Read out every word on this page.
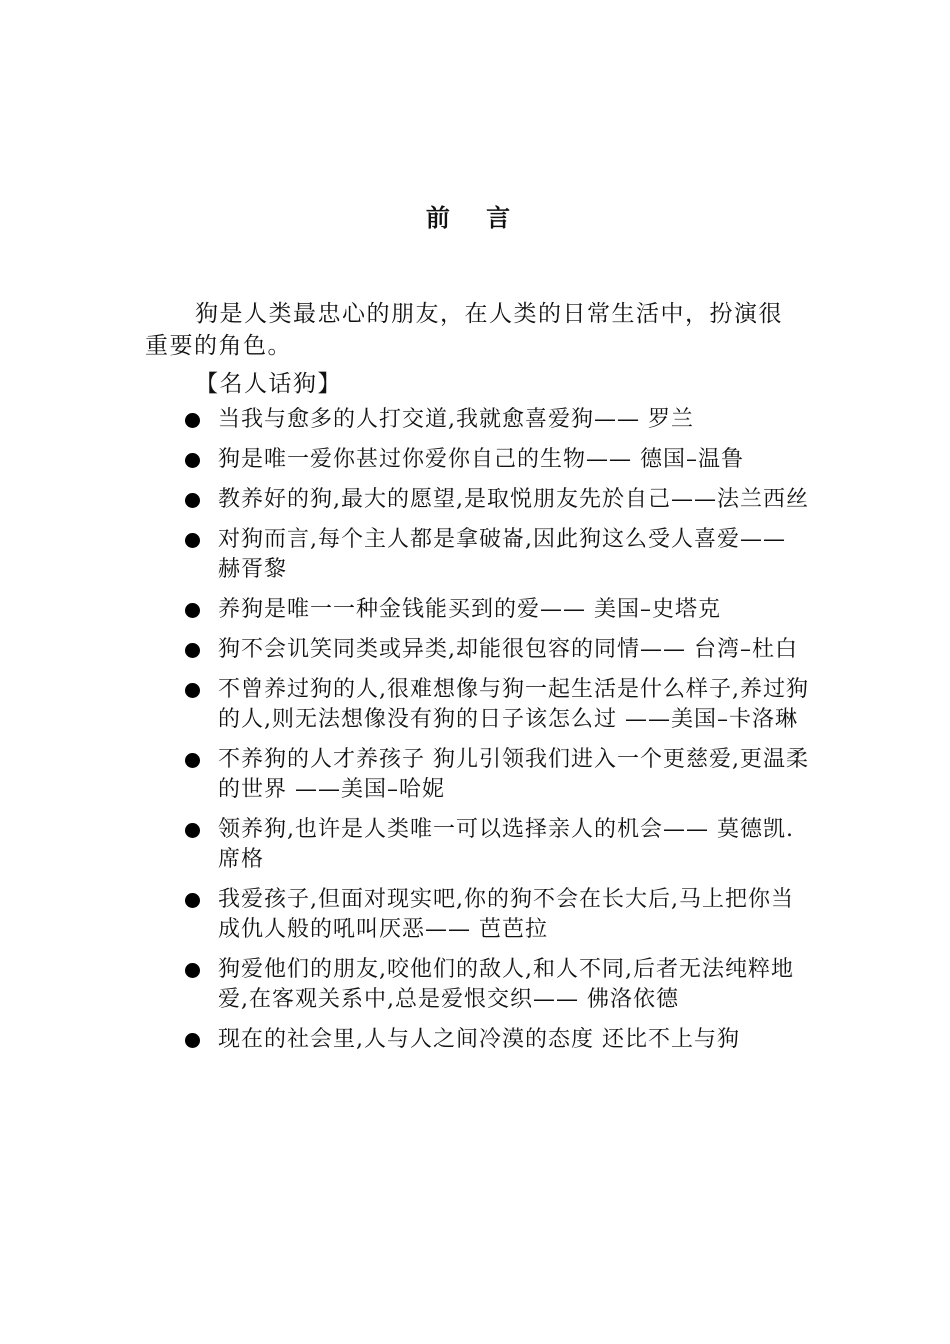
前 言

狗是人类最忠心的朋友，在人类的日常生活中，扮演很重要的角色。

【名人话狗】
当我与愈多的人打交道,我就愈喜爱狗—— 罗兰
狗是唯一爱你甚过你爱你自己的生物—— 德国–温鲁
教养好的狗,最大的愿望,是取悦朋友先於自己——法兰西丝
对狗而言,每个主人都是拿破崙,因此狗这么受人喜爱—— 赫胥黎
养狗是唯一一种金钱能买到的爱—— 美国–史塔克
狗不会讥笑同类或异类,却能很包容的同情—— 台湾–杜白
不曾养过狗的人,很难想像与狗一起生活是什么样子,养过狗的人,则无法想像没有狗的日子该怎么过 ——美国–卡洛琳
不养狗的人才养孩子 狗儿引领我们进入一个更慈爱,更温柔的世界 ——美国–哈妮
领养狗,也许是人类唯一可以选择亲人的机会—— 莫德凯.席格
我爱孩子,但面对现实吧,你的狗不会在长大后,马上把你当成仇人般的吼叫厌恶—— 芭芭拉
狗爱他们的朋友,咬他们的敌人,和人不同,后者无法纯粹地爱,在客观关系中,总是爱恨交织—— 佛洛依德
现在的社会里,人与人之间冷漠的态度 还比不上与狗
